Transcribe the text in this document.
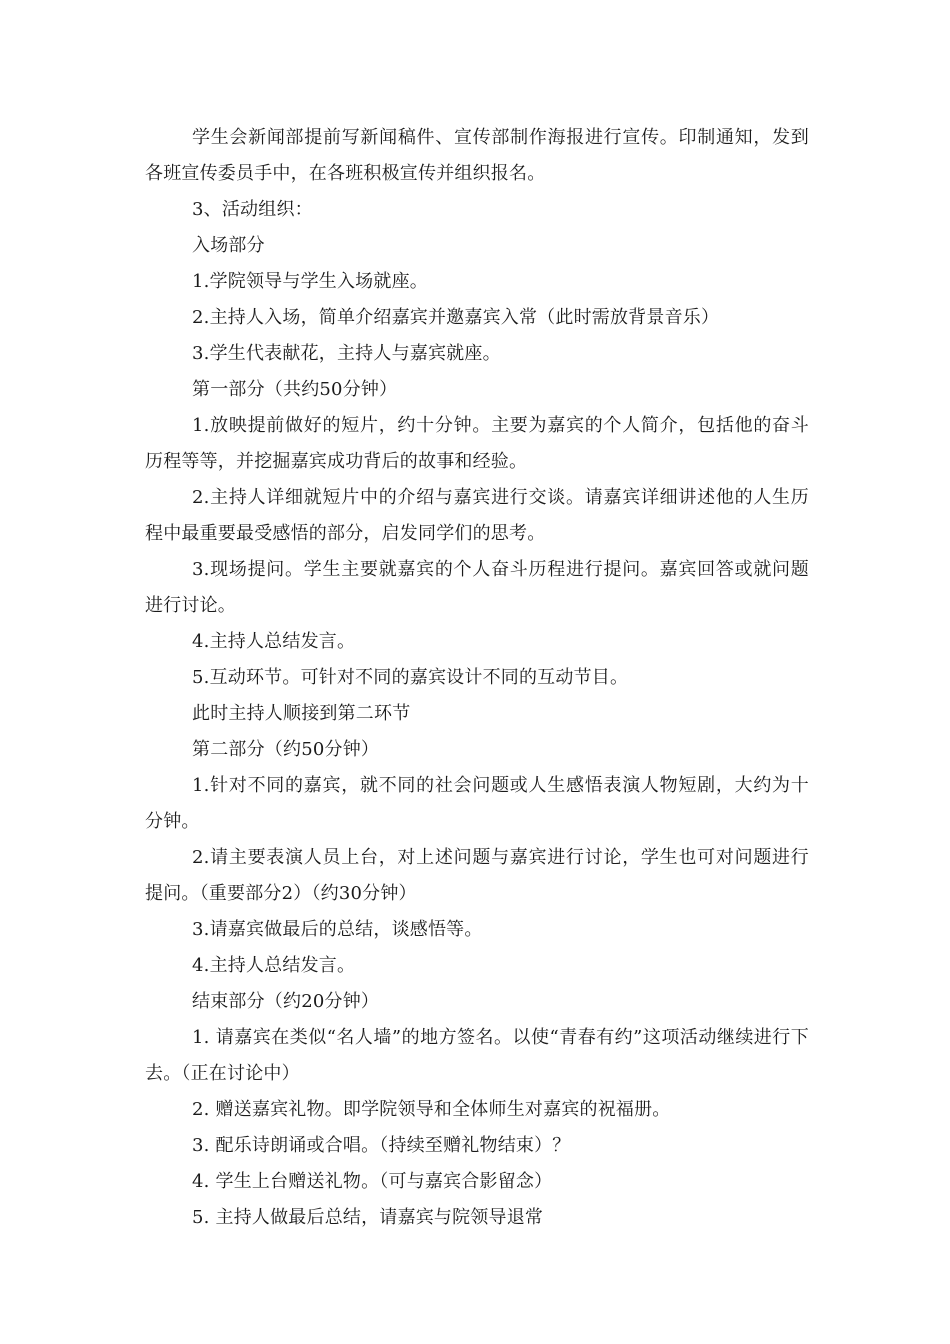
学生会新闻部提前写新闻稿件、宣传部制作海报进行宣传。印制通知，发到各班宣传委员手中，在各班积极宣传并组织报名。

3、活动组织：

入场部分

1.学院领导与学生入场就座。

2.主持人入场，简单介绍嘉宾并邀嘉宾入常（此时需放背景音乐）

3.学生代表献花，主持人与嘉宾就座。

第一部分（共约50分钟）

1.放映提前做好的短片，约十分钟。主要为嘉宾的个人简介，包括他的奋斗历程等等，并挖掘嘉宾成功背后的故事和经验。

2.主持人详细就短片中的介绍与嘉宾进行交谈。请嘉宾详细讲述他的人生历程中最重要最受感悟的部分，启发同学们的思考。

3.现场提问。学生主要就嘉宾的个人奋斗历程进行提问。嘉宾回答或就问题进行讨论。

4.主持人总结发言。

5.互动环节。可针对不同的嘉宾设计不同的互动节目。

此时主持人顺接到第二环节

第二部分（约50分钟）

1.针对不同的嘉宾，就不同的社会问题或人生感悟表演人物短剧，大约为十分钟。

2.请主要表演人员上台，对上述问题与嘉宾进行讨论，学生也可对问题进行提问。（重要部分2）（约30分钟）

3.请嘉宾做最后的总结，谈感悟等。

4.主持人总结发言。

结束部分（约20分钟）

1. 请嘉宾在类似“名人墙”的地方签名。以使“青春有约”这项活动继续进行下去。（正在讨论中）

2. 赠送嘉宾礼物。即学院领导和全体师生对嘉宾的祝福册。

3. 配乐诗朗诵或合唱。（持续至赠礼物结束）？

4. 学生上台赠送礼物。（可与嘉宾合影留念）

5. 主持人做最后总结，请嘉宾与院领导退常
